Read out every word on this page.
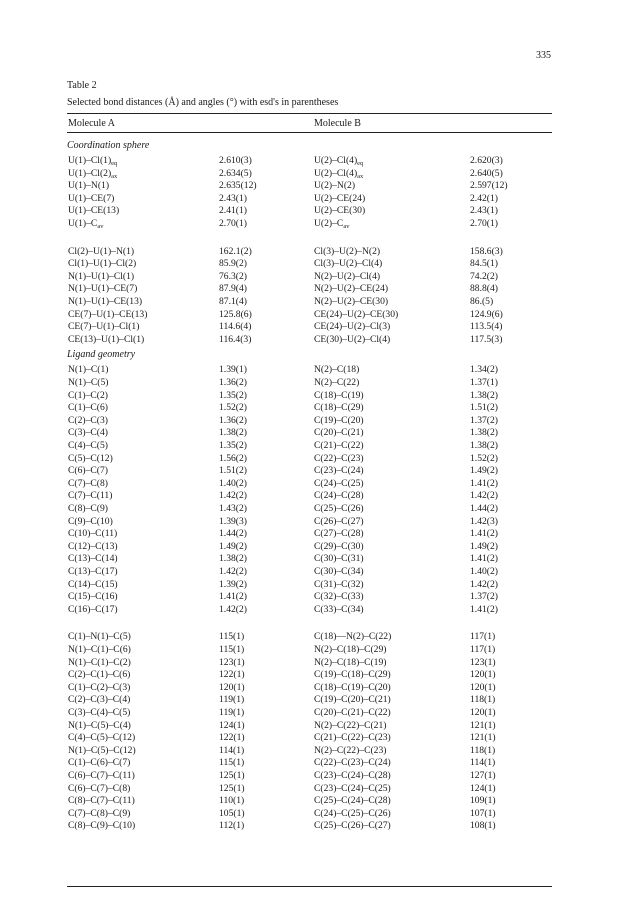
335
Table 2
Selected bond distances (Å) and angles (°) with esd's in parentheses
Molecule A	Molecule B
Coordination sphere
$U(1)-Cl(1)_{eq}$	2.610(3)	$U(2)-Cl(4)_{eq}$	2.620(3)
$U(1)-Cl(2)_{ax}$	2.634(5)	$U(2)-Cl(4)_{ax}$	2.640(5)
U(1)–N(1)	2.635(12)	U(2)–N(2)	2.597(12)
U(1)–CE(7)	2.43(1)	U(2)–CE(24)	2.42(1)
U(1)–CE(13)	2.41(1)	U(2)–CE(30)	2.43(1)
$U(1)-C_{av}$	2.70(1)	$U(2)-C_{av}$	2.70(1)
Cl(2)–U(1)–N(1)	162.1(2)	Cl(3)–U(2)–N(2)	158.6(3)
Cl(1)–U(1)–Cl(2)	85.9(2)	Cl(3)–U(2)–Cl(4)	84.5(1)
N(1)–U(1)–Cl(1)	76.3(2)	N(2)–U(2)–Cl(4)	74.2(2)
N(1)–U(1)–CE(7)	87.9(4)	N(2)–U(2)–CE(24)	88.8(4)
N(1)–U(1)–CE(13)	87.1(4)	N(2)–U(2)–CE(30)	86.(5)
CE(7)–U(1)–CE(13)	125.8(6)	CE(24)–U(2)–CE(30)	124.9(6)
CE(7)–U(1)–Cl(1)	114.6(4)	CE(24)–U(2)–Cl(3)	113.5(4)
CE(13)–U(1)–Cl(1)	116.4(3)	CE(30)–U(2)–Cl(4)	117.5(3)
Ligand geometry
N(1)–C(1)	1.39(1)	N(2)–C(18)	1.34(2)
N(1)–C(5)	1.36(2)	N(2)–C(22)	1.37(1)
C(1)–C(2)	1.35(2)	C(18)–C(19)	1.38(2)
C(1)–C(6)	1.52(2)	C(18)–C(29)	1.51(2)
C(2)–C(3)	1.36(2)	C(19)–C(20)	1.37(2)
C(3)–C(4)	1.38(2)	C(20)–C(21)	1.38(2)
C(4)–C(5)	1.35(2)	C(21)–C(22)	1.38(2)
C(5)–C(12)	1.56(2)	C(22)–C(23)	1.52(2)
C(6)–C(7)	1.51(2)	C(23)–C(24)	1.49(2)
C(7)–C(8)	1.40(2)	C(24)–C(25)	1.41(2)
C(7)–C(11)	1.42(2)	C(24)–C(28)	1.42(2)
C(8)–C(9)	1.43(2)	C(25)–C(26)	1.44(2)
C(9)–C(10)	1.39(3)	C(26)–C(27)	1.42(3)
C(10)–C(11)	1.44(2)	C(27)–C(28)	1.41(2)
C(12)–C(13)	1.49(2)	C(29)–C(30)	1.49(2)
C(13)–C(14)	1.38(2)	C(30)–C(31)	1.41(2)
C(13)–C(17)	1.42(2)	C(30)–C(34)	1.40(2)
C(14)–C(15)	1.39(2)	C(31)–C(32)	1.42(2)
C(15)–C(16)	1.41(2)	C(32)–C(33)	1.37(2)
C(16)–C(17)	1.42(2)	C(33)–C(34)	1.41(2)
C(1)–N(1)–C(5)	115(1)	C(18)—N(2)–C(22)	117(1)
N(1)–C(1)–C(6)	115(1)	N(2)–C(18)–C(29)	117(1)
N(1)–C(1)–C(2)	123(1)	N(2)–C(18)–C(19)	123(1)
C(2)–C(1)–C(6)	122(1)	C(19)–C(18)–C(29)	120(1)
C(1)–C(2)–C(3)	120(1)	C(18)–C(19)–C(20)	120(1)
C(2)–C(3)–C(4)	119(1)	C(19)–C(20)–C(21)	118(1)
C(3)–C(4)–C(5)	119(1)	C(20)–C(21)–C(22)	120(1)
N(1)–C(5)–C(4)	124(1)	N(2)–C(22)–C(21)	121(1)
C(4)–C(5)–C(12)	122(1)	C(21)–C(22)–C(23)	121(1)
N(1)–C(5)–C(12)	114(1)	N(2)–C(22)–C(23)	118(1)
C(1)–C(6)–C(7)	115(1)	C(22)–C(23)–C(24)	114(1)
C(6)–C(7)–C(11)	125(1)	C(23)–C(24)–C(28)	127(1)
C(6)–C(7)–C(8)	125(1)	C(23)–C(24)–C(25)	124(1)
C(8)–C(7)–C(11)	110(1)	C(25)–C(24)–C(28)	109(1)
C(7)–C(8)–C(9)	105(1)	C(24)–C(25)–C(26)	107(1)
C(8)–C(9)–C(10)	112(1)	C(25)–C(26)–C(27)	108(1)
